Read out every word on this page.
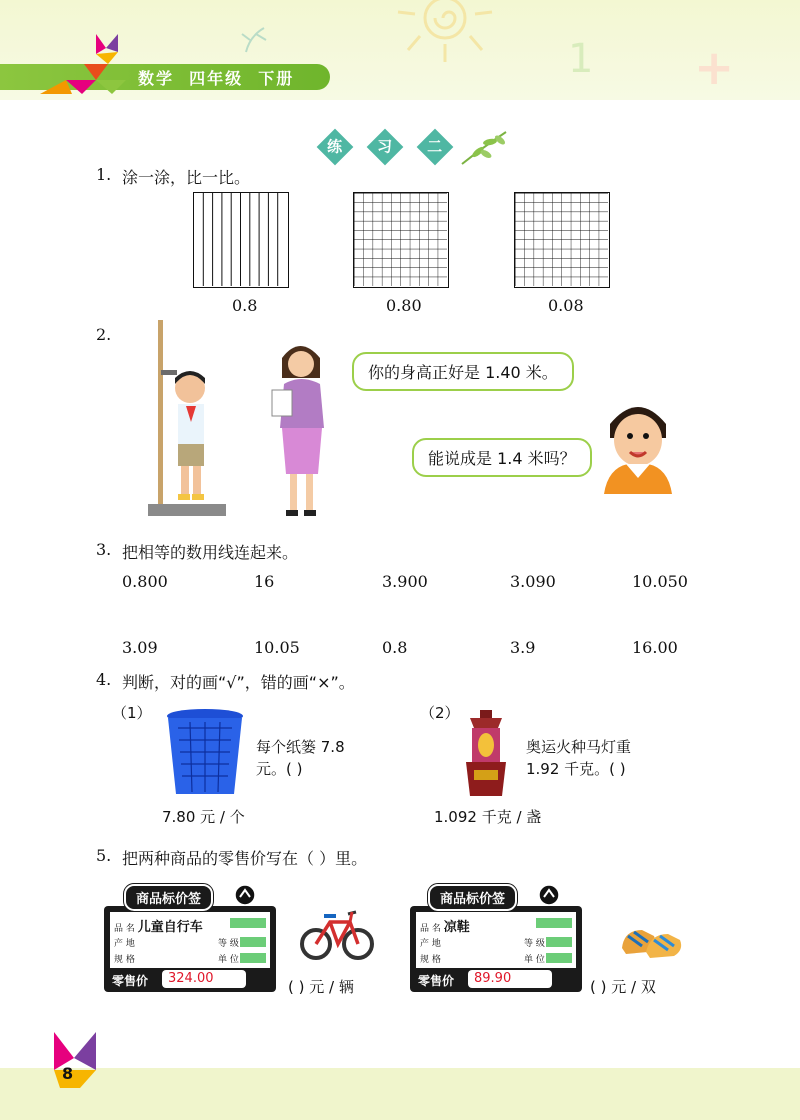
1 +
数学  四年级  下册
练	习	二
1. 涂一涂，比一比。
0.8	0.80	0.08
2.
你的身高正好是 1.40 米。
能说成是 1.4 米吗？
3. 把相等的数用线连起来。
0.800	16	3.900	3.090	10.050
3.09	10.05	0.8	3.9	16.00
4. 判断，对的画“√”，错的画“×”。
（1）
每个纸篓 7.8
元。( )
7.80 元 / 个
（2）
奥运火种马灯重
1.92 千克。( )
1.092 千克 / 盏
5. 把两种商品的零售价写在（ ）里。
品 名 儿童自行车
产 地	等 级
规 格	单 位
零售价	324.00
商品标价签
( ) 元 / 辆
品 名 凉鞋
产 地	等 级
规 格	单 位
零售价	89.90
商品标价签
( ) 元 / 双
8
